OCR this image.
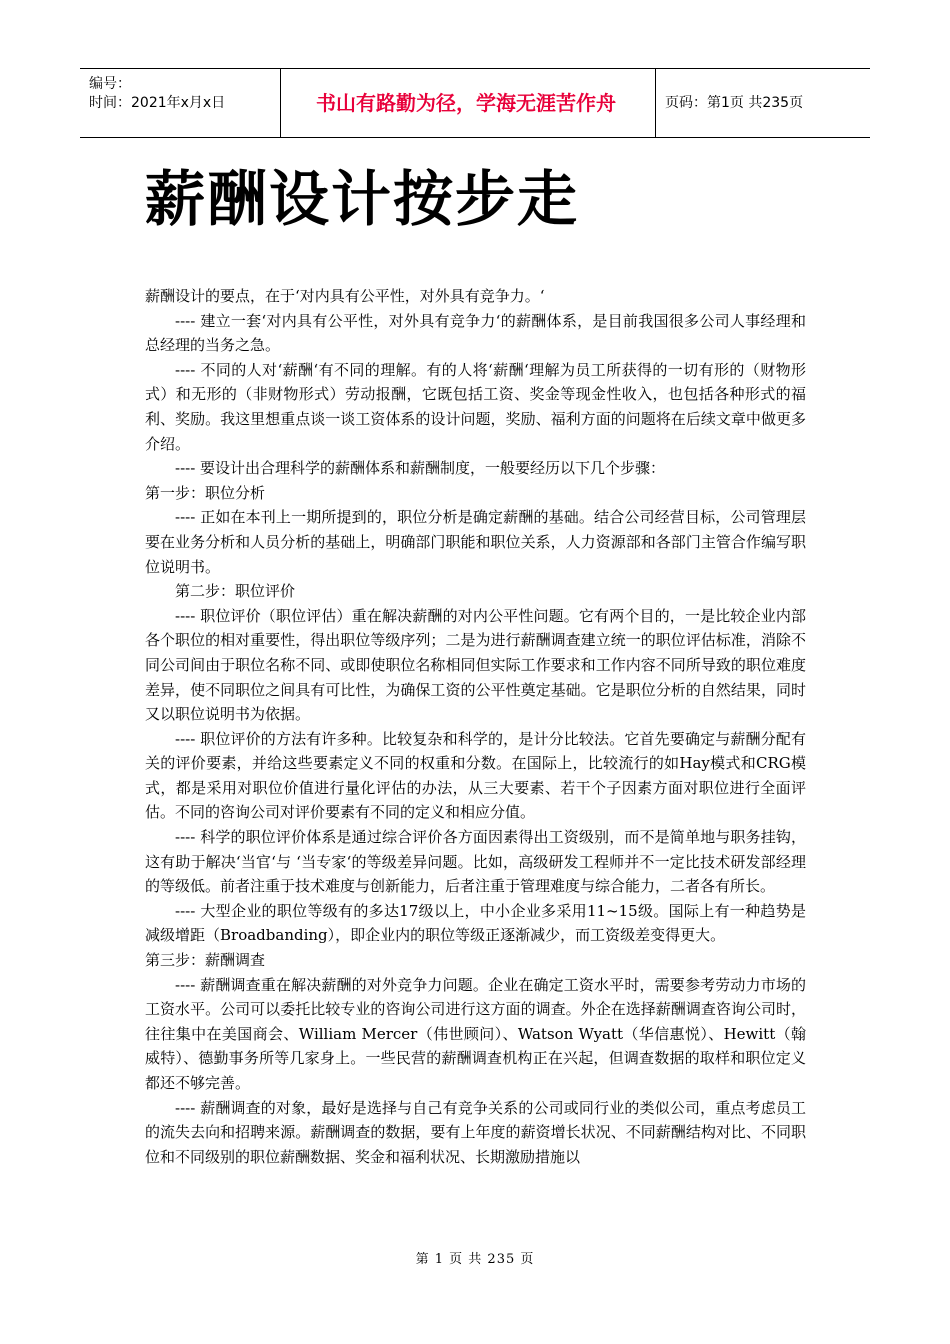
编号：
时间：2021年x月x日	书山有路勤为径，学海无涯苦作舟	页码：第1页 共235页
薪酬设计按步走

薪酬设计的要点，在于‘对内具有公平性，对外具有竞争力。‘

---- 建立一套‘对内具有公平性，对外具有竞争力‘的薪酬体系，是目前我国很多公司人事经理和总经理的当务之急。

---- 不同的人对‘薪酬‘有不同的理解。有的人将‘薪酬‘理解为员工所获得的一切有形的（财物形式）和无形的（非财物形式）劳动报酬，它既包括工资、奖金等现金性收入，也包括各种形式的福利、奖励。我这里想重点谈一谈工资体系的设计问题，奖励、福利方面的问题将在后续文章中做更多介绍。

---- 要设计出合理科学的薪酬体系和薪酬制度，一般要经历以下几个步骤：

第一步：职位分析

---- 正如在本刊上一期所提到的，职位分析是确定薪酬的基础。结合公司经营目标，公司管理层要在业务分析和人员分析的基础上，明确部门职能和职位关系，人力资源部和各部门主管合作编写职位说明书。

第二步：职位评价

---- 职位评价（职位评估）重在解决薪酬的对内公平性问题。它有两个目的，一是比较企业内部各个职位的相对重要性，得出职位等级序列；二是为进行薪酬调查建立统一的职位评估标准，消除不同公司间由于职位名称不同、或即使职位名称相同但实际工作要求和工作内容不同所导致的职位难度差异，使不同职位之间具有可比性，为确保工资的公平性奠定基础。它是职位分析的自然结果，同时又以职位说明书为依据。

---- 职位评价的方法有许多种。比较复杂和科学的，是计分比较法。它首先要确定与薪酬分配有关的评价要素，并给这些要素定义不同的权重和分数。在国际上，比较流行的如Hay模式和CRG模式，都是采用对职位价值进行量化评估的办法，从三大要素、若干个子因素方面对职位进行全面评估。不同的咨询公司对评价要素有不同的定义和相应分值。

---- 科学的职位评价体系是通过综合评价各方面因素得出工资级别，而不是简单地与职务挂钩，这有助于解决‘当官‘与 ‘当专家‘的等级差异问题。比如，高级研发工程师并不一定比技术研发部经理的等级低。前者注重于技术难度与创新能力，后者注重于管理难度与综合能力，二者各有所长。

---- 大型企业的职位等级有的多达17级以上，中小企业多采用11~15级。国际上有一种趋势是减级增距（Broadbanding），即企业内的职位等级正逐渐减少，而工资级差变得更大。

第三步：薪酬调查

---- 薪酬调查重在解决薪酬的对外竞争力问题。企业在确定工资水平时，需要参考劳动力市场的工资水平。公司可以委托比较专业的咨询公司进行这方面的调查。外企在选择薪酬调查咨询公司时，往往集中在美国商会、William Mercer（伟世顾问）、Watson Wyatt（华信惠悦）、Hewitt（翰威特）、德勤事务所等几家身上。一些民营的薪酬调查机构正在兴起，但调查数据的取样和职位定义都还不够完善。

---- 薪酬调查的对象，最好是选择与自己有竞争关系的公司或同行业的类似公司，重点考虑员工的流失去向和招聘来源。薪酬调查的数据，要有上年度的薪资增长状况、不同薪酬结构对比、不同职位和不同级别的职位薪酬数据、奖金和福利状况、长期激励措施以

第 1 页 共 235 页
